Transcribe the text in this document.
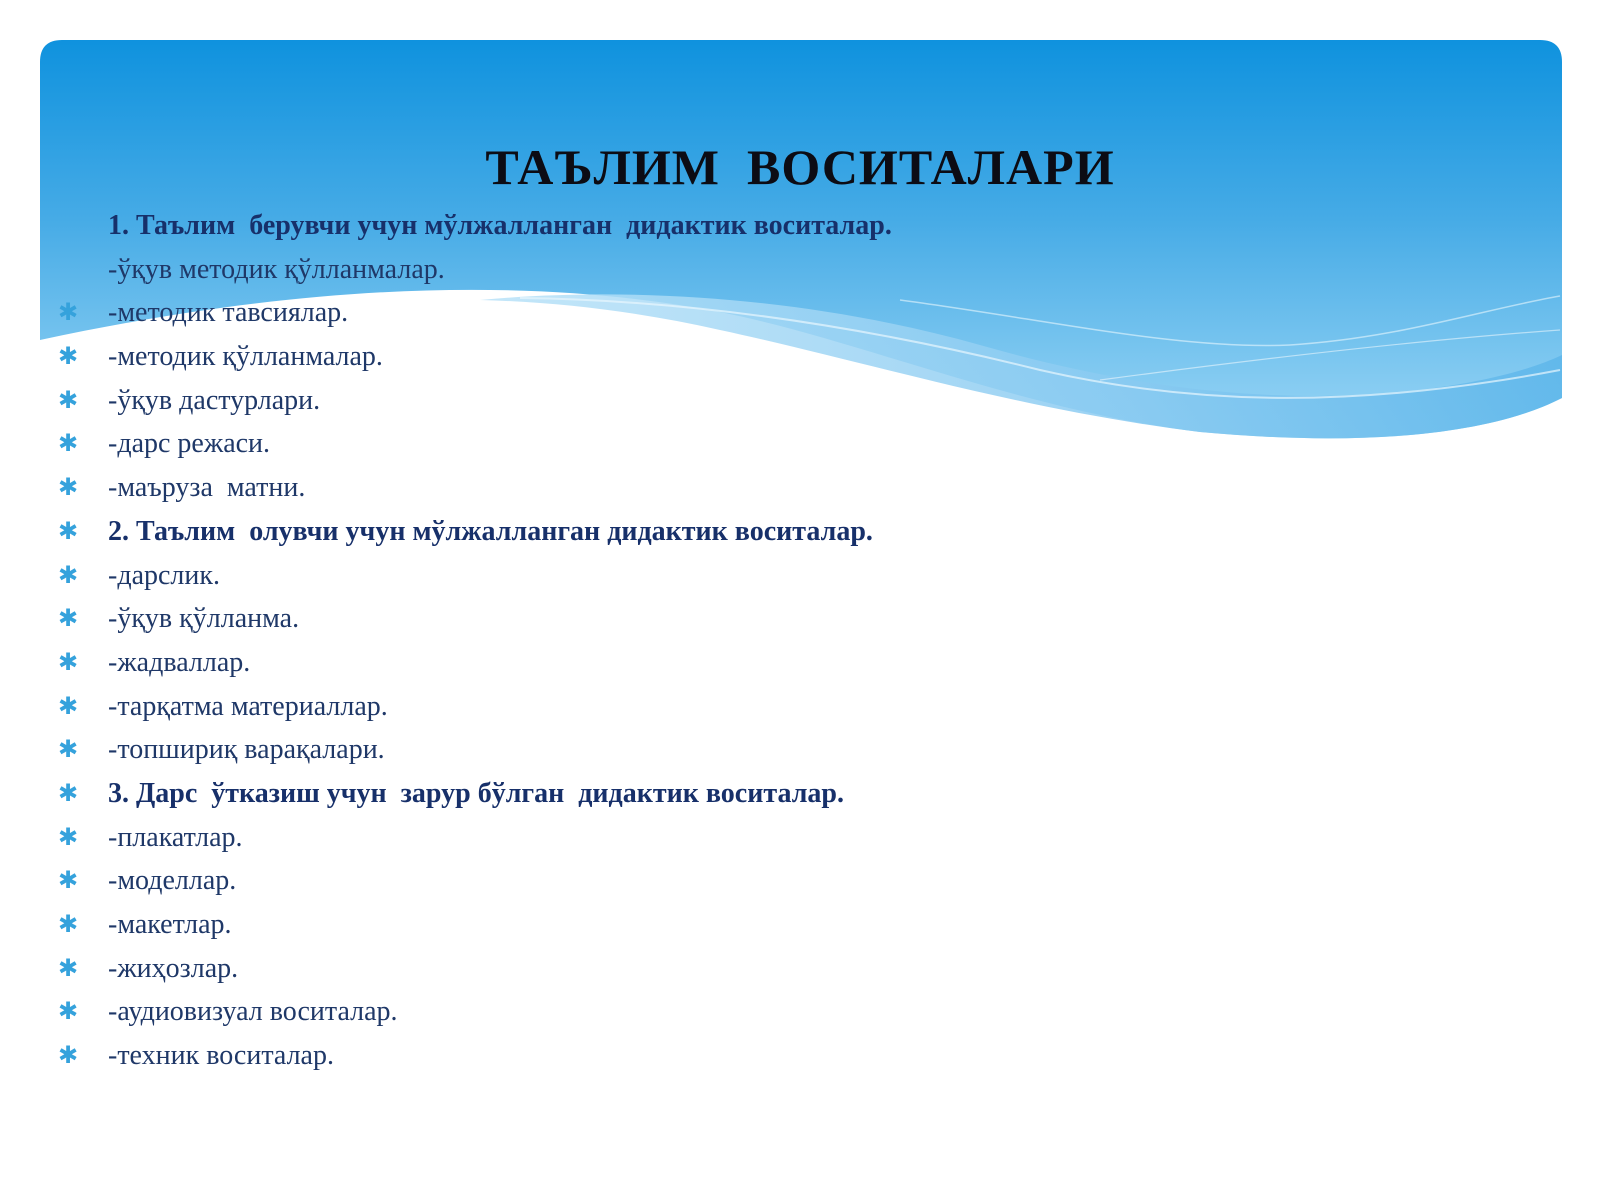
ТАЪЛИМ  ВОСИТАЛАРИ
1. Таълим  берувчи учун мўлжалланган  дидактик воситалар.
-ўқув методик қўлланмалар.
✱ -методик тавсиялар.
✱ -методик қўлланмалар.
✱ -ўқув дастурлари.
✱ -дарс режаси.
✱ -маъруза  матни.
✱ 2. Таълим  олувчи учун мўлжалланган дидактик воситалар.
✱ -дарслик.
✱ -ўқув қўлланма.
✱ -жадваллар.
✱ -тарқатма материаллар.
✱ -топшириқ варақалари.
✱ 3. Дарс  ўтказиш учун  зарур бўлган  дидактик воситалар.
✱ -плакатлар.
✱ -моделлар.
✱ -макетлар.
✱ -жиҳозлар.
✱ -аудиовизуал воситалар.
✱ -техник воситалар.
